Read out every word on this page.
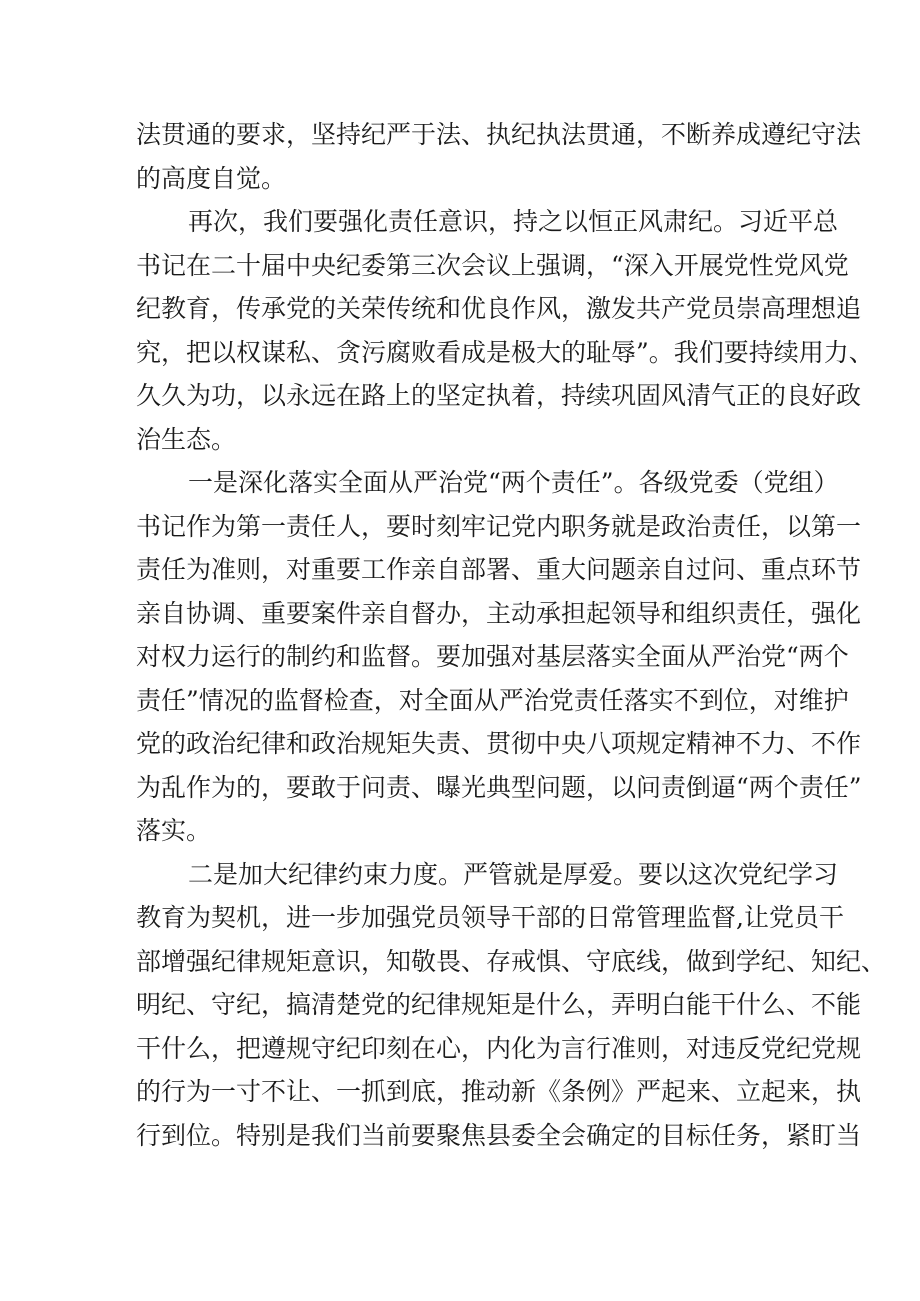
法贯通的要求，坚持纪严于法、执纪执法贯通，不断养成遵纪守法
的高度自觉。
再次，我们要强化责任意识，持之以恒正风肃纪。习近平总
书记在二十届中央纪委第三次会议上强调，“深入开展党性党风党
纪教育，传承党的关荣传统和优良作风，激发共产党员崇高理想追
究，把以权谋私、贪污腐败看成是极大的耻辱”。我们要持续用力、
久久为功，以永远在路上的坚定执着，持续巩固风清气正的良好政
治生态。
一是深化落实全面从严治党“两个责任”。各级党委（党组）
书记作为第一责任人，要时刻牢记党内职务就是政治责任，以第一
责任为准则，对重要工作亲自部署、重大问题亲自过问、重点环节
亲自协调、重要案件亲自督办，主动承担起领导和组织责任，强化
对权力运行的制约和监督。要加强对基层落实全面从严治党“两个
责任”情况的监督检查，对全面从严治党责任落实不到位，对维护
党的政治纪律和政治规矩失责、贯彻中央八项规定精神不力、不作
为乱作为的，要敢于问责、曝光典型问题，以问责倒逼“两个责任”
落实。
二是加大纪律约束力度。严管就是厚爱。要以这次党纪学习
教育为契机，进一步加强党员领导干部的日常管理监督,让党员干
部增强纪律规矩意识，知敬畏、存戒惧、守底线，做到学纪、知纪、
明纪、守纪，搞清楚党的纪律规矩是什么，弄明白能干什么、不能
干什么，把遵规守纪印刻在心，内化为言行准则，对违反党纪党规
的行为一寸不让、一抓到底，推动新《条例》严起来、立起来，执
行到位。特别是我们当前要聚焦县委全会确定的目标任务，紧盯当
